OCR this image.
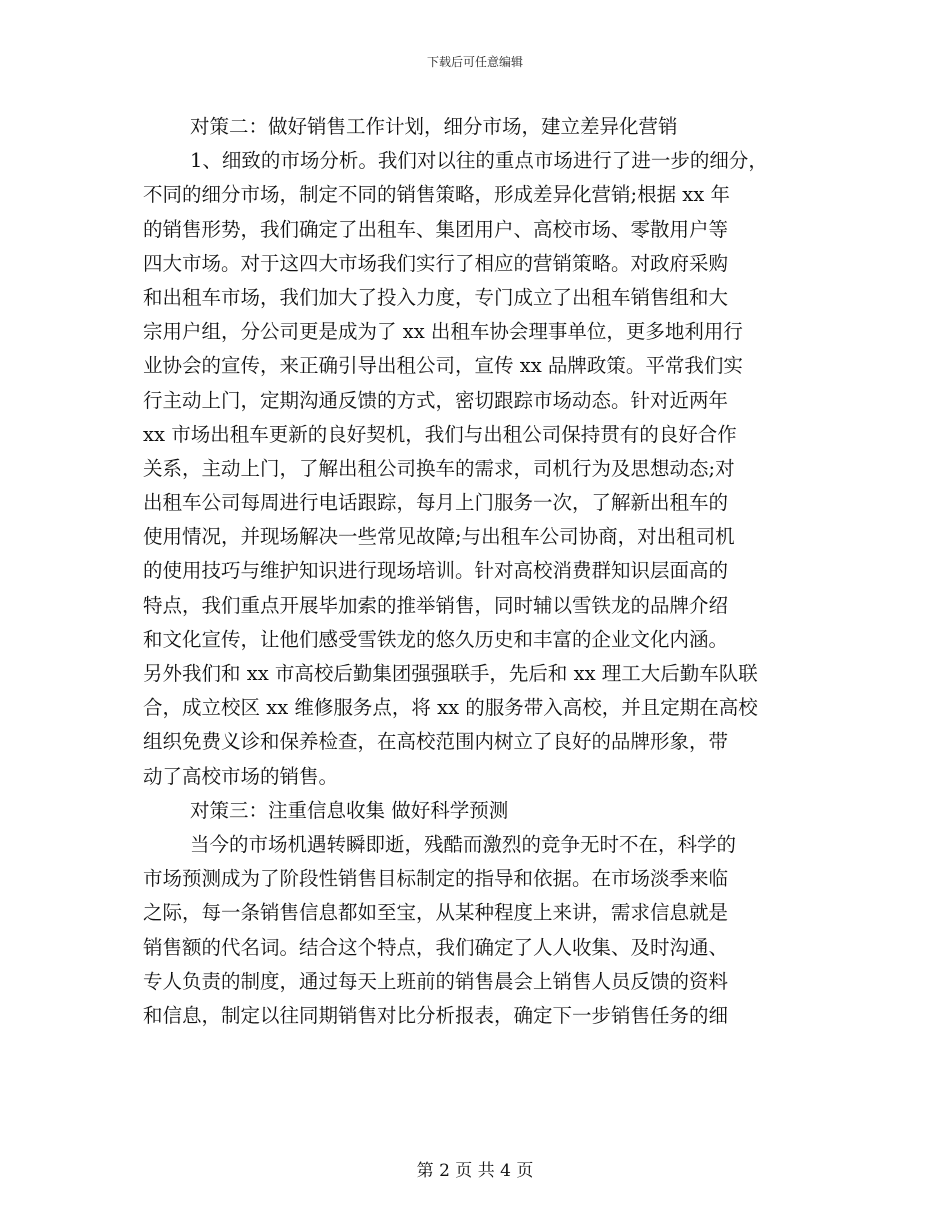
下载后可任意编辑
对策二：做好销售工作计划，细分市场，建立差异化营销
1、细致的市场分析。我们对以往的重点市场进行了进一步的细分，
不同的细分市场，制定不同的销售策略，形成差异化营销;根据 xx 年
的销售形势，我们确定了出租车、集团用户、高校市场、零散用户等
四大市场。对于这四大市场我们实行了相应的营销策略。对政府采购
和出租车市场，我们加大了投入力度，专门成立了出租车销售组和大
宗用户组，分公司更是成为了 xx 出租车协会理事单位，更多地利用行
业协会的宣传，来正确引导出租公司，宣传 xx 品牌政策。平常我们实
行主动上门，定期沟通反馈的方式，密切跟踪市场动态。针对近两年
xx 市场出租车更新的良好契机，我们与出租公司保持贯有的良好合作
关系，主动上门，了解出租公司换车的需求，司机行为及思想动态;对
出租车公司每周进行电话跟踪，每月上门服务一次，了解新出租车的
使用情况，并现场解决一些常见故障;与出租车公司协商，对出租司机
的使用技巧与维护知识进行现场培训。针对高校消费群知识层面高的
特点，我们重点开展毕加索的推举销售，同时辅以雪铁龙的品牌介绍
和文化宣传，让他们感受雪铁龙的悠久历史和丰富的企业文化内涵。
另外我们和 xx 市高校后勤集团强强联手，先后和 xx 理工大后勤车队联
合，成立校区 xx 维修服务点，将 xx 的服务带入高校，并且定期在高校
组织免费义诊和保养检查，在高校范围内树立了良好的品牌形象，带
动了高校市场的销售。
对策三：注重信息收集 做好科学预测
当今的市场机遇转瞬即逝，残酷而激烈的竞争无时不在，科学的
市场预测成为了阶段性销售目标制定的指导和依据。在市场淡季来临
之际，每一条销售信息都如至宝，从某种程度上来讲，需求信息就是
销售额的代名词。结合这个特点，我们确定了人人收集、及时沟通、
专人负责的制度，通过每天上班前的销售晨会上销售人员反馈的资料
和信息，制定以往同期销售对比分析报表，确定下一步销售任务的细
第 2 页 共 4 页
